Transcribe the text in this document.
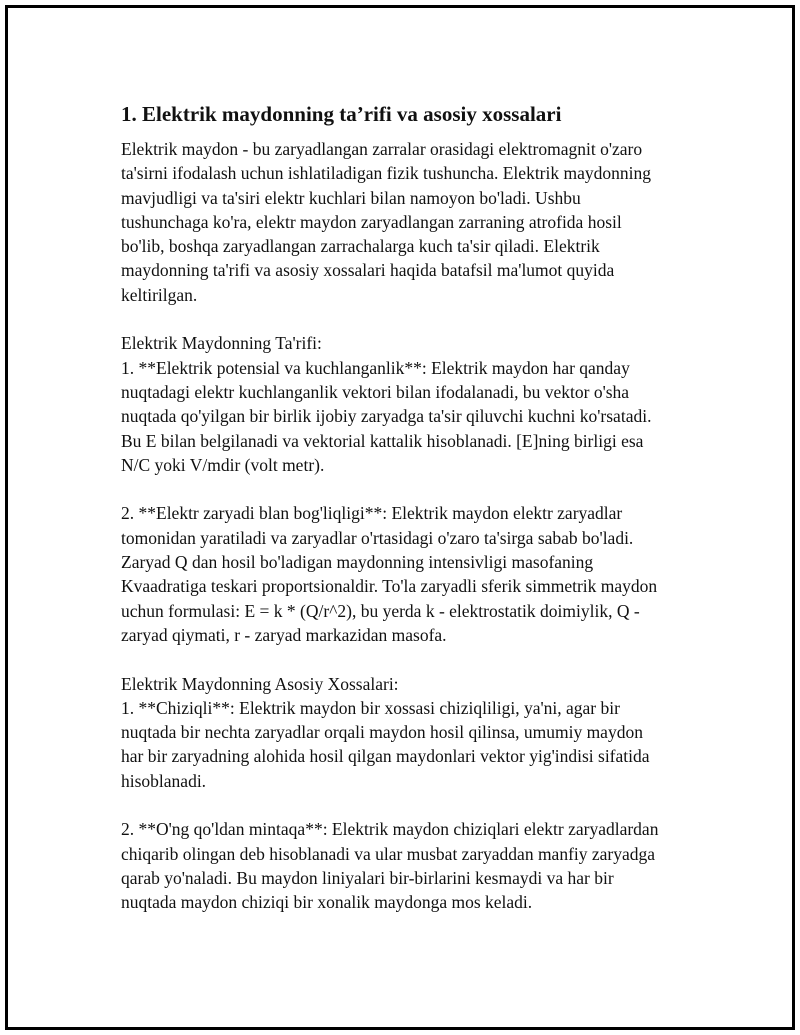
1. Elektrik maydonning ta’rifi va asosiy xossalari
Elektrik maydon - bu zaryadlangan zarralar orasidagi elektromagnit o'zaro
ta'sirni ifodalash uchun ishlatiladigan fizik tushuncha. Elektrik maydonning
mavjudligi va ta'siri elektr kuchlari bilan namoyon bo'ladi. Ushbu
tushunchaga ko'ra, elektr maydon zaryadlangan zarraning atrofida hosil
bo'lib, boshqa zaryadlangan zarrachalarga kuch ta'sir qiladi. Elektrik
maydonning ta'rifi va asosiy xossalari haqida batafsil ma'lumot quyida
keltirilgan.
Elektrik Maydonning Ta'rifi:
1. **Elektrik potensial va kuchlanganlik**: Elektrik maydon har qanday
nuqtadagi elektr kuchlanganlik vektori bilan ifodalanadi, bu vektor o'sha
nuqtada qo'yilgan bir birlik ijobiy zaryadga ta'sir qiluvchi kuchni ko'rsatadi.
Bu E bilan belgilanadi va vektorial kattalik hisoblanadi. [E]ning birligi esa
N/C yoki V/mdir (volt metr).
2. **Elektr zaryadi blan bog'liqligi**: Elektrik maydon elektr zaryadlar
tomonidan yaratiladi va zaryadlar o'rtasidagi o'zaro ta'sirga sabab bo'ladi.
Zaryad Q dan hosil bo'ladigan maydonning intensivligi masofaning
Kvaadratiga teskari proportsionaldir. To'la zaryadli sferik simmetrik maydon
uchun formulasi: E = k * (Q/r^2), bu yerda k - elektrostatik doimiylik, Q -
zaryad qiymati, r - zaryad markazidan masofa.
Elektrik Maydonning Asosiy Xossalari:
1. **Chiziqli**: Elektrik maydon bir xossasi chiziqliligi, ya'ni, agar bir
nuqtada bir nechta zaryadlar orqali maydon hosil qilinsa, umumiy maydon
har bir zaryadning alohida hosil qilgan maydonlari vektor yig'indisi sifatida
hisoblanadi.
2. **O'ng qo'ldan mintaqa**: Elektrik maydon chiziqlari elektr zaryadlardan
chiqarib olingan deb hisoblanadi va ular musbat zaryaddan manfiy zaryadga
qarab yo'naladi. Bu maydon liniyalari bir-birlarini kesmaydi va har bir
nuqtada maydon chiziqi bir xonalik maydonga mos keladi.
